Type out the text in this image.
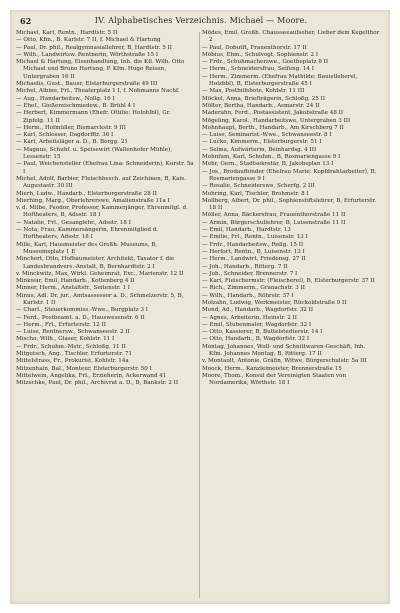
62	IV. Alphabetisches Verzeichnis. Michael — Moore.

Michael, Karl, Rentn., Hardtstr. 5 II

— Otto, Kfm., B. Karlstr. 7 II, f. Michael & Hartung

— Paul, Dr. phil., Realgymnasiallehrer, B, Hardtstr. 5 II

— Wilh., Landwirtsw. Rentnerin, Wörthstraße 15 I

Michael & Hartung, Eisenhandlung, Inh. die Kfl. Wilh. Otto Michael und Bruno Hartung, P. Kfm. Hugo Reisen, Untergraben 16 II

Michaelis, Gust., Bauer, Elsterburgerstraße 49 III

Michel, Albine, Frl., Theaterplatz 1 I, f. Nohmanns Nachf.

— Aug., Handarbeitsw., Nollg. 16 I

— Ehef., Gießereischmiedew., B. Brühl 4 I

— Herbert, Kimmermann (Ehefr. Ottilie: Hofohlbl), Gr. Zipfelg. 11 II

— Herm., Hofmüller, Bismarckstr. 9 III

— Karl, Schlosser, Dagdorfftr. 36 I

— Karl, Arbeitsläger a. D., B. Bergg. 21

— Magnus, Schuhf. u. Speisewirt (Wallenhofer Mühle), Lessenstr. 15

— Paul, Weichensteller (Ehefrau Lina: Schneiderin), Kurstr. 5a I

Michel, Adolf, Barbier, Fleischbesch. auf Zeichinen, B, Kais. Augustastr. 30 III

Mierh, Ludw., Handarb., Elsterburgerstraße 28 II

Mierhing, Marg., Oberlehrerswe, Amalienstraße 11a I

v. d. Milbe, Feodor, Professor, Kammerjänger, Ehrenmitgl. d. Hoftheaters, B, Adsstr. 18 I

— Natalie, Frl., Gesanglehr., Adsstr. 18 I

— Nota, Frau, Kammersängerin, Ehrenmitglied d. Hoftheaters, Adsstr. 18 I

Mille, Karl, Hausmeister des Großh. Museums, B, Museumsplatz 1 E

Minchert, Otto, Hofbaumeister, Architekt, Taxator f. die Landesbrandvers.-Anstalt, B, Bernhardtstr. 2 I

v. Minckwitz, Max, Wirkl. Geheimrat, Exc., Marienstr. 12 II

Minkwar, Emil, Handarb., Kottenberg 4 II

Minner, Herm., Anstaltsfr., Seitenstr. 1 I

Minus, Adl. Dr. jur., Amtsassessor a. D., Schmelzerstr. 5, B, Karlstr. 1 II

— Charl., Steuerkommiss.-Wwe., Burgplatz 3 I

— Ferd., Postbeamt. a. D., Hauswesenstr. 6 II

— Herm., Frl., Erfurterstr. 12 II

— Luise, Rentnersw., Schwanseestr. 2 II

Mischo, Wilh., Glaser, Kohlstr. 11 I

— Frdr., Schuhm.-Mstr., Schloßg. 11 II

Mitgutsch, Ang., Tischler, Erfurterstr. 71

Mittelstrass, Fr., Prokurist, Kohlstr. 14a

Mitzenhain, Bal., Monteur, Elsterburgerstr. 50 I

Mittelwein, Angelika, Frl., Erzieherin, Ackerwand 41

Mitzschke, Paul, Dr. phil., Archivrat a. D., B, Bankstr. 2 II

Mödes, Emil, Großh. Chausseeaufseher, Lieber dem Kegelthor 2

— Paul, Dobutft, Frauenthorstr. 17 II

Möbius, Ehm., Schulvogt, Sophienstr. 2 I

— Frdr., Schuhmacherswe., Goetheplatz 8 II

— Herm., Schneidersfrau, Seifeng. 14 I

— Herm., Zimmerm. (Ehefrau Mathilde: Bauistleherel, Holzbbl), B, Elsterburgerstraße 45 I

— Max, Postbilfsbote, Kohlstr. 11 III

Möckel, Anna, Briefträgerin, Schloßg. 25 II

Mölter, Bertha, Handarb., Asmarstr. 24 II

Maderahn, Ferd., Postassistent, Jakobstraße 48 II

Mögeling, Karol., Handarbeitswe, Untergraben 3 III

Mohnhaupt, Berth., Handarb., Am Kirschberg 7 II

— Luise, Seminarist.-Wwe., Schwanseestr. 8 I

— Lucke, Kimmerm., Elsterburgerstr. 51 I

— Selma, Aufwärterin, Beinhardsg. 4 III

Mohnfum, Karl, Schuhm., B, Rosmariengasse 9 I

Mohr, Gern., Stadtsekretär, B, Jakobsplan 13 I

— Jos., Brodaufbinder (Ehefrau Marie: Kopfdrahtarbeiter), B, Rosmariengasse 9 I

— Rosalie, Schneiderswe, Scherfg. 2 III

Mohring, Karl, Tischler, Brohmstr. 8 I

Mollberg, Albert, Dr. phil., Sophienstiftslehrer, B, Erfurterstr. 18 II

Möller, Anna, Bäckersfrau, Frauenthorstraße 11 II

— Armin, Bürgerschullehrer, B, Luisenstraße 11 II

— Emil, Handarb., Hardtstr. 13

— Emilie, Frl., Rentn., Luisenstr. 13 I

— Frdr., Handarbeitsw., Rollg. 15 II

— Herfort, Rentn., B, Luisenstr. 13 I

— Herm., Landwirt, Friedensg. 27 II

— Joh., Handarb., Ritterg. 7 II

— Joh., Schneider, Brennerstr. 7 I

— Karl, Fleischermstr. (Fleischerei), B, Elsterburgerstr. 37 II

— Rich., Zimmerm., Granachstr. 3 II

— Wilh., Handarb., Röhrstr. 37 I

Molzahn, Ludwig, Werkmeister, Rückoldstraße 9 II

Mond, Ad., Handarb., Wagdorfstr. 32 II

— Agnes, Arbeiterin, Heinstr. 2 II

— Emil, Stubenmaler, Wagdorfstr. 32 I

— Otto, Kassierer, B, Buttelstedterstr. 14 I

— Otto, Handarb., B, Wagdorfstr. 32 I

Montag, Johannes, Woll- und Schnittwaren-Geschäft, Inh. Kfm. Johannes Montag, B, Ritterg. 17 II

v. Montault, Antonie, Gräfin, Witwe, Bürgerschulstr. 5a III

Moock, Herm., Kanzleimeister, Brennerstraße 15

Moore, Thom., Konsul der Vereinigten Staaten von Nordamerika, Wörthstr. 18 I
